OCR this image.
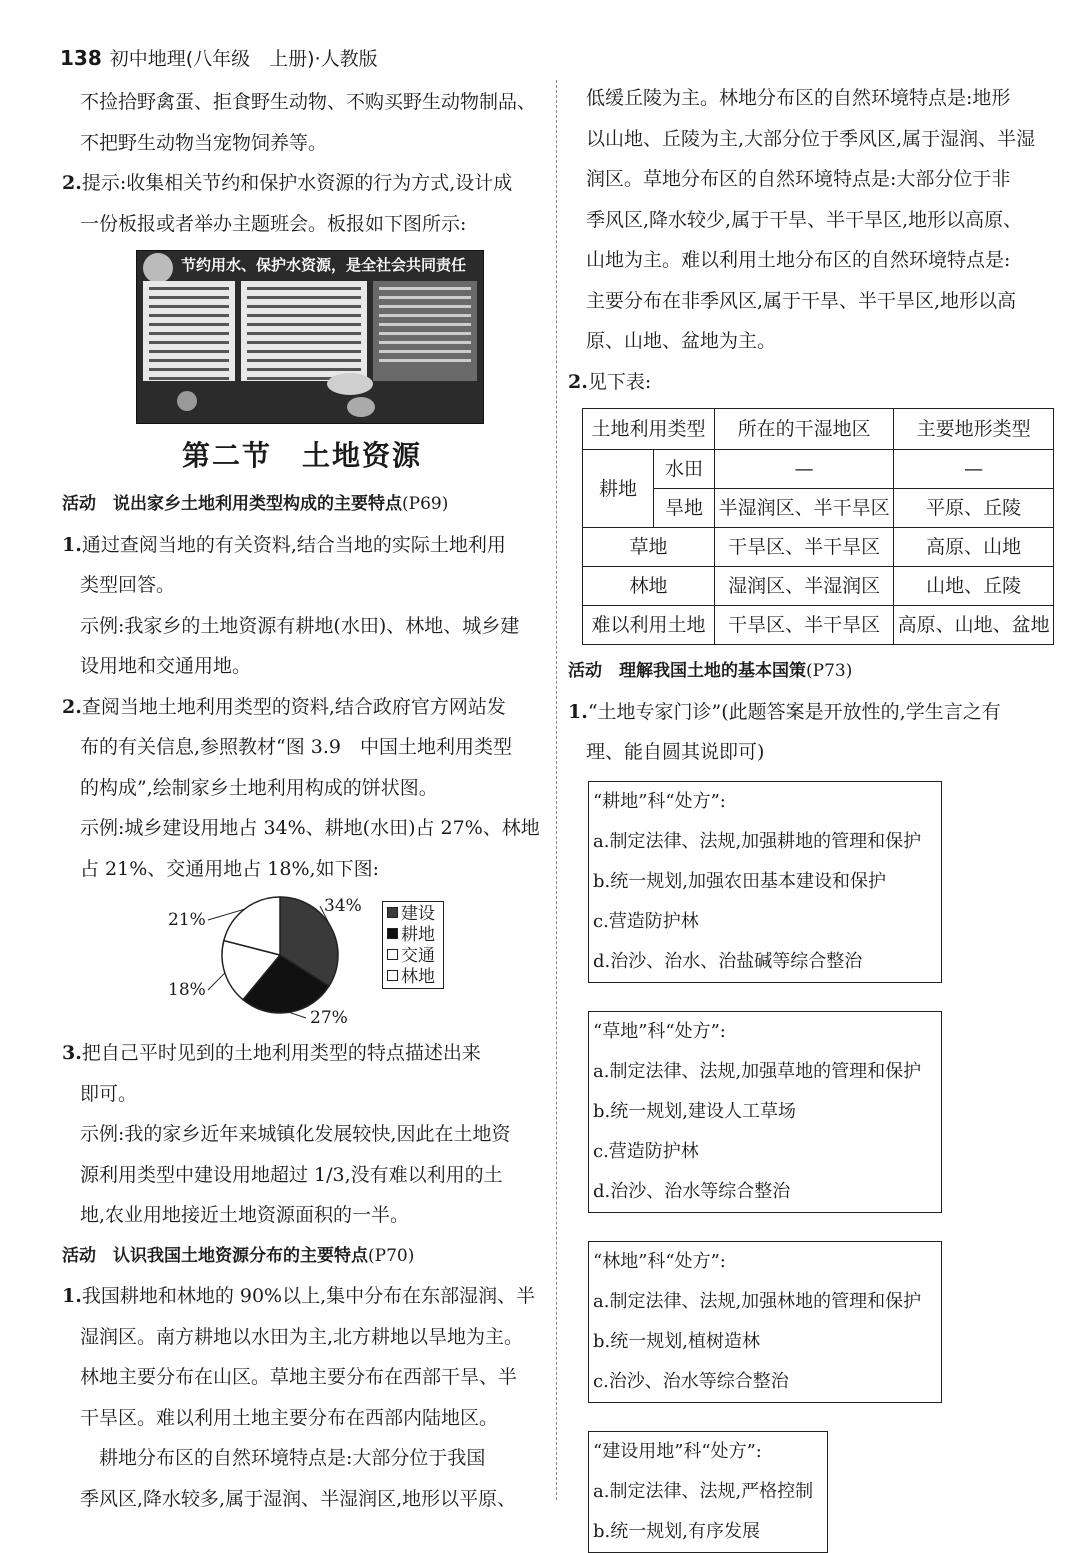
138 初中地理(八年级　上册)·人教版

不捡拾野禽蛋、拒食野生动物、不购买野生动物制品、

不把野生动物当宠物饲养等。

2.提示:收集相关节约和保护水资源的行为方式,设计成

一份板报或者举办主题班会。板报如下图所示:

节约用水、保护水资源，是全社会共同责任
第二节　土地资源

活动　说出家乡土地利用类型构成的主要特点(P69)

1.通过查阅当地的有关资料,结合当地的实际土地利用

类型回答。

示例:我家乡的土地资源有耕地(水田)、林地、城乡建

设用地和交通用地。

2.查阅当地土地利用类型的资料,结合政府官方网站发

布的有关信息,参照教材“图 3.9　中国土地利用类型

的构成”,绘制家乡土地利用构成的饼状图。

示例:城乡建设用地占 34%、耕地(水田)占 27%、林地

占 21%、交通用地占 18%,如下图:

34%
27%
18%
21%	建设
耕地
交通
林地

3.把自己平时见到的土地利用类型的特点描述出来

即可。

示例:我的家乡近年来城镇化发展较快,因此在土地资

源利用类型中建设用地超过 1/3,没有难以利用的土

地,农业用地接近土地资源面积的一半。

活动　认识我国土地资源分布的主要特点(P70)

1.我国耕地和林地的 90%以上,集中分布在东部湿润、半

湿润区。南方耕地以水田为主,北方耕地以旱地为主。

林地主要分布在山区。草地主要分布在西部干旱、半

干旱区。难以利用土地主要分布在西部内陆地区。

　耕地分布区的自然环境特点是:大部分位于我国

季风区,降水较多,属于湿润、半湿润区,地形以平原、

低缓丘陵为主。林地分布区的自然环境特点是:地形

以山地、丘陵为主,大部分位于季风区,属于湿润、半湿

润区。草地分布区的自然环境特点是:大部分位于非

季风区,降水较少,属于干旱、半干旱区,地形以高原、

山地为主。难以利用土地分布区的自然环境特点是:

主要分布在非季风区,属于干旱、半干旱区,地形以高

原、山地、盆地为主。

2.见下表:

土地利用类型		所在的干湿地区	主要地形类型
耕地	水田	—	—
	旱地	半湿润区、半干旱区	平原、丘陵
草地		干旱区、半干旱区	高原、山地
林地		湿润区、半湿润区	山地、丘陵
难以利用土地		干旱区、半干旱区	高原、山地、盆地

活动　理解我国土地的基本国策(P73)

1.“土地专家门诊”(此题答案是开放性的,学生言之有

理、能自圆其说即可)

“耕地”科“处方”:

a.制定法律、法规,加强耕地的管理和保护

b.统一规划,加强农田基本建设和保护

c.营造防护林

d.治沙、治水、治盐碱等综合整治

“草地”科“处方”:

a.制定法律、法规,加强草地的管理和保护

b.统一规划,建设人工草场

c.营造防护林

d.治沙、治水等综合整治

“林地”科“处方”:

a.制定法律、法规,加强林地的管理和保护

b.统一规划,植树造林

c.治沙、治水等综合整治

“建设用地”科“处方”:

a.制定法律、法规,严格控制

b.统一规划,有序发展
